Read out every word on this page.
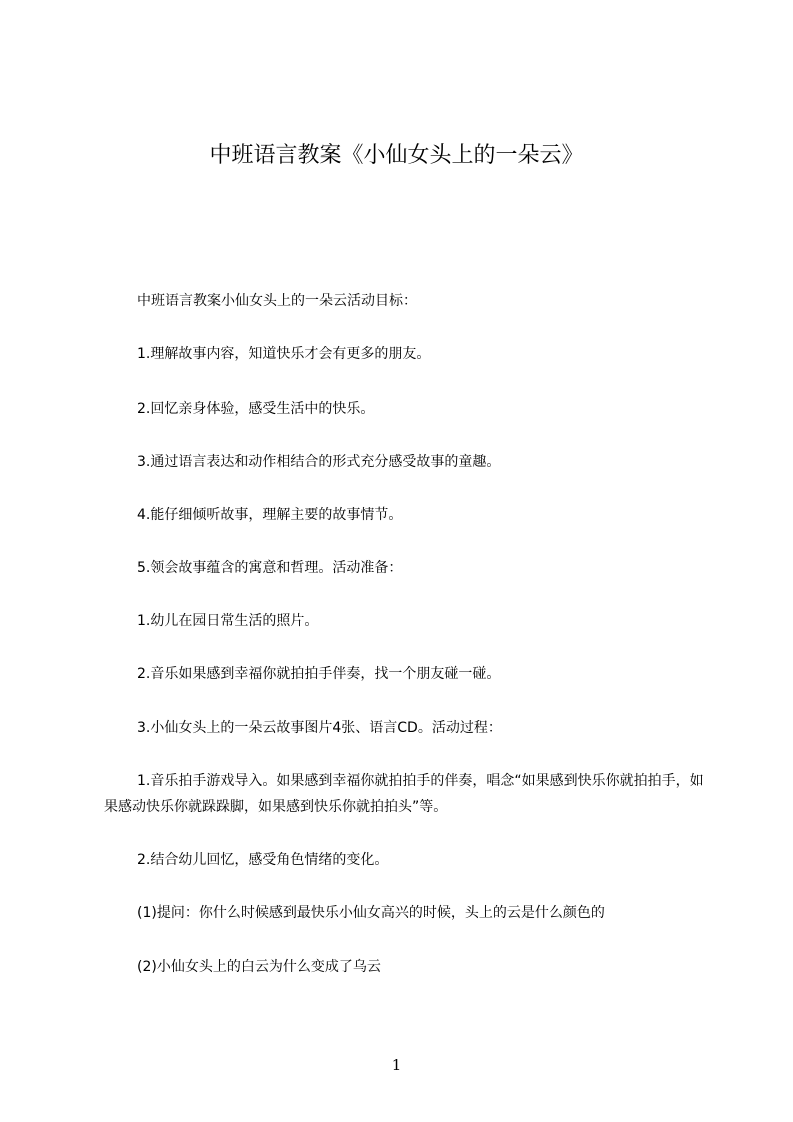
中班语言教案《小仙女头上的一朵云》
中班语言教案小仙女头上的一朵云活动目标：
1.理解故事内容，知道快乐才会有更多的朋友。
2.回忆亲身体验，感受生活中的快乐。
3.通过语言表达和动作相结合的形式充分感受故事的童趣。
4.能仔细倾听故事，理解主要的故事情节。
5.领会故事蕴含的寓意和哲理。活动准备：
1.幼儿在园日常生活的照片。
2.音乐如果感到幸福你就拍拍手伴奏，找一个朋友碰一碰。
3.小仙女头上的一朵云故事图片4张、语言CD。活动过程：
1.音乐拍手游戏导入。如果感到幸福你就拍拍手的伴奏，唱念“如果感到快乐你就拍拍手，如果感动快乐你就跺跺脚，如果感到快乐你就拍拍头”等。
2.结合幼儿回忆，感受角色情绪的变化。
(1)提问：你什么时候感到最快乐小仙女高兴的时候，头上的云是什么颜色的
(2)小仙女头上的白云为什么变成了乌云
1
